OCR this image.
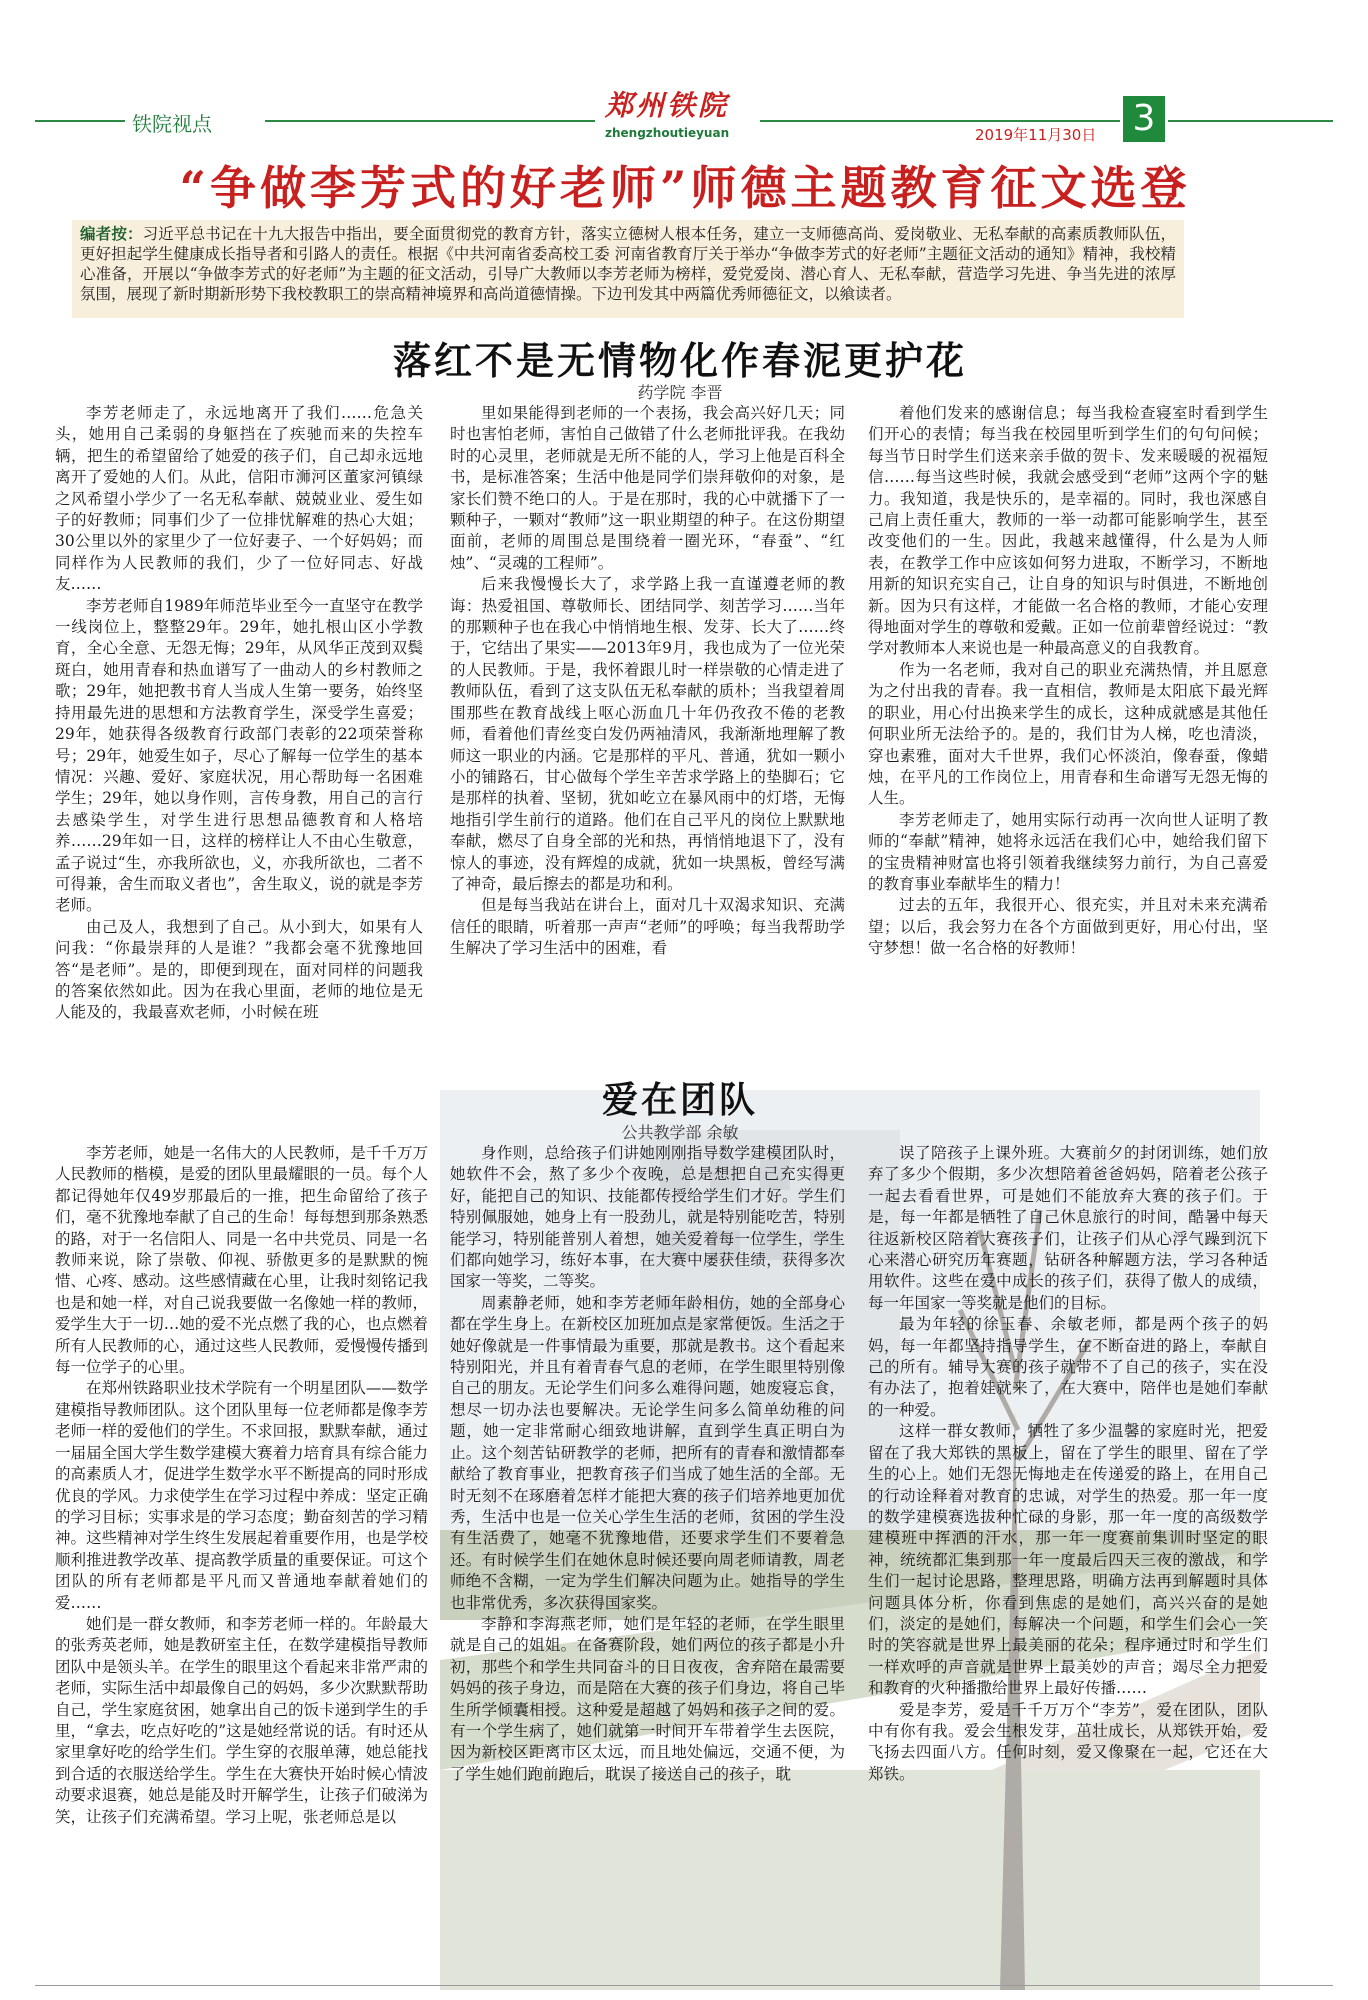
铁院视点
郑州铁院
zhengzhoutieyuan	2019年11月30日 3
“争做李芳式的好老师”师德主题教育征文选登
编者按：习近平总书记在十九大报告中指出，要全面贯彻党的教育方针，落实立德树人根本任务，建立一支师德高尚、爱岗敬业、无私奉献的高素质教师队伍，更好担起学生健康成长指导者和引路人的责任。根据《中共河南省委高校工委 河南省教育厅关于举办“争做李芳式的好老师”主题征文活动的通知》精神，我校精心准备，开展以“争做李芳式的好老师”为主题的征文活动，引导广大教师以李芳老师为榜样，爱党爱岗、潜心育人、无私奉献，营造学习先进、争当先进的浓厚氛围，展现了新时期新形势下我校教职工的崇高精神境界和高尚道德情操。下边刊发其中两篇优秀师德征文，以飨读者。
落红不是无情物化作春泥更护花
药学院 李晋

李芳老师走了，永远地离开了我们……危急关头，她用自己柔弱的身躯挡在了疾驰而来的失控车辆，把生的希望留给了她爱的孩子们，自己却永远地离开了爱她的人们。从此，信阳市浉河区董家河镇绿之风希望小学少了一名无私奉献、兢兢业业、爱生如子的好教师；同事们少了一位排忧解难的热心大姐；30公里以外的家里少了一位好妻子、一个好妈妈；而同样作为人民教师的我们，少了一位好同志、好战友……

李芳老师自1989年师范毕业至今一直坚守在教学一线岗位上，整整29年。29年，她扎根山区小学教育，全心全意、无怨无悔；29年，从风华正茂到双鬓斑白，她用青春和热血谱写了一曲动人的乡村教师之歌；29年，她把教书育人当成人生第一要务，始终坚持用最先进的思想和方法教育学生，深受学生喜爱；29年，她获得各级教育行政部门表彰的22项荣誉称号；29年，她爱生如子，尽心了解每一位学生的基本情况：兴趣、爱好、家庭状况，用心帮助每一名困难学生；29年，她以身作则，言传身教，用自己的言行去感染学生，对学生进行思想品德教育和人格培养……29年如一日，这样的榜样让人不由心生敬意，孟子说过“生，亦我所欲也，义，亦我所欲也，二者不可得兼，舍生而取义者也”，舍生取义，说的就是李芳老师。

由己及人，我想到了自己。从小到大，如果有人问我：“你最崇拜的人是谁？”我都会毫不犹豫地回答“是老师”。是的，即便到现在，面对同样的问题我的答案依然如此。因为在我心里面，老师的地位是无人能及的，我最喜欢老师，小时候在班

里如果能得到老师的一个表扬，我会高兴好几天；同时也害怕老师，害怕自己做错了什么老师批评我。在我幼时的心灵里，老师就是无所不能的人，学习上他是百科全书，是标准答案；生活中他是同学们崇拜敬仰的对象，是家长们赞不绝口的人。于是在那时，我的心中就播下了一颗种子，一颗对“教师”这一职业期望的种子。在这份期望面前，老师的周围总是围绕着一圈光环，“春蚕”、“红烛”、“灵魂的工程师”。

后来我慢慢长大了，求学路上我一直谨遵老师的教诲：热爱祖国、尊敬师长、团结同学、刻苦学习……当年的那颗种子也在我心中悄悄地生根、发芽、长大了……终于，它结出了果实——2013年9月，我也成为了一位光荣的人民教师。于是，我怀着跟儿时一样崇敬的心情走进了教师队伍，看到了这支队伍无私奉献的质朴；当我望着周围那些在教育战线上呕心沥血几十年仍孜孜不倦的老教师，看着他们青丝变白发仍两袖清风，我渐渐地理解了教师这一职业的内涵。它是那样的平凡、普通，犹如一颗小小的铺路石，甘心做每个学生辛苦求学路上的垫脚石；它是那样的执着、坚韧，犹如屹立在暴风雨中的灯塔，无悔地指引学生前行的道路。他们在自己平凡的岗位上默默地奉献，燃尽了自身全部的光和热，再悄悄地退下了，没有惊人的事迹，没有辉煌的成就，犹如一块黑板，曾经写满了神奇，最后擦去的都是功和利。

但是每当我站在讲台上，面对几十双渴求知识、充满信任的眼睛，听着那一声声“老师”的呼唤；每当我帮助学生解决了学习生活中的困难，看

着他们发来的感谢信息；每当我检查寝室时看到学生们开心的表情；每当我在校园里听到学生们的句句问候；每当节日时学生们送来亲手做的贺卡、发来暖暖的祝福短信……每当这些时候，我就会感受到“老师”这两个字的魅力。我知道，我是快乐的，是幸福的。同时，我也深感自己肩上责任重大，教师的一举一动都可能影响学生，甚至改变他们的一生。因此，我越来越懂得，什么是为人师表，在教学工作中应该如何努力进取，不断学习，不断地用新的知识充实自己，让自身的知识与时俱进，不断地创新。因为只有这样，才能做一名合格的教师，才能心安理得地面对学生的尊敬和爱戴。正如一位前辈曾经说过：“教学对教师本人来说也是一种最高意义的自我教育。

作为一名老师，我对自己的职业充满热情，并且愿意为之付出我的青春。我一直相信，教师是太阳底下最光辉的职业，用心付出换来学生的成长，这种成就感是其他任何职业所无法给予的。是的，我们甘为人梯，吃也清淡，穿也素雅，面对大千世界，我们心怀淡泊，像春蚕，像蜡烛，在平凡的工作岗位上，用青春和生命谱写无怨无悔的人生。

李芳老师走了，她用实际行动再一次向世人证明了教师的“奉献”精神，她将永远活在我们心中，她给我们留下的宝贵精神财富也将引领着我继续努力前行，为自己喜爱的教育事业奉献毕生的精力！

过去的五年，我很开心、很充实，并且对未来充满希望；以后，我会努力在各个方面做到更好，用心付出，坚守梦想！做一名合格的好教师！

爱在团队
公共教学部 余敏

李芳老师，她是一名伟大的人民教师，是千千万万人民教师的楷模，是爱的团队里最耀眼的一员。每个人都记得她年仅49岁那最后的一推，把生命留给了孩子们，毫不犹豫地奉献了自己的生命！每每想到那条熟悉的路，对于一名信阳人、同是一名中共党员、同是一名教师来说，除了崇敬、仰视、骄傲更多的是默默的惋惜、心疼、感动。这些感情藏在心里，让我时刻铭记我也是和她一样，对自己说我要做一名像她一样的教师，爱学生大于一切…她的爱不光点燃了我的心，也点燃着所有人民教师的心，通过这些人民教师，爱慢慢传播到每一位学子的心里。

在郑州铁路职业技术学院有一个明星团队——数学建模指导教师团队。这个团队里每一位老师都是像李芳老师一样的爱他们的学生。不求回报，默默奉献，通过一届届全国大学生数学建模大赛着力培育具有综合能力的高素质人才，促进学生数学水平不断提高的同时形成优良的学风。力求使学生在学习过程中养成：坚定正确的学习目标；实事求是的学习态度；勤奋刻苦的学习精神。这些精神对学生终生发展起着重要作用，也是学校顺利推进教学改革、提高教学质量的重要保证。可这个团队的所有老师都是平凡而又普通地奉献着她们的爱……

她们是一群女教师，和李芳老师一样的。年龄最大的张秀英老师，她是教研室主任，在数学建模指导教师团队中是领头羊。在学生的眼里这个看起来非常严肃的老师，实际生活中却最像自己的妈妈，多少次默默帮助自己，学生家庭贫困，她拿出自己的饭卡递到学生的手里，“拿去，吃点好吃的”这是她经常说的话。有时还从家里拿好吃的给学生们。学生穿的衣服单薄，她总能找到合适的衣服送给学生。学生在大赛快开始时候心情波动要求退赛，她总是能及时开解学生，让孩子们破涕为笑，让孩子们充满希望。学习上呢，张老师总是以

身作则，总给孩子们讲她刚刚指导数学建模团队时，她软件不会，熬了多少个夜晚，总是想把自己充实得更好，能把自己的知识、技能都传授给学生们才好。学生们特别佩服她，她身上有一股劲儿，就是特别能吃苦，特别能学习，特别能普别人着想，她关爱着每一位学生，学生们都向她学习，练好本事，在大赛中屡获佳绩，获得多次国家一等奖，二等奖。

周素静老师，她和李芳老师年龄相仿，她的全部身心都在学生身上。在新校区加班加点是家常便饭。生活之于她好像就是一件事情最为重要，那就是教书。这个看起来特别阳光，并且有着青春气息的老师，在学生眼里特别像自己的朋友。无论学生们问多么难得问题，她废寝忘食，想尽一切办法也要解决。无论学生问多么简单幼稚的问题，她一定非常耐心细致地讲解，直到学生真正明白为止。这个刻苦钻研教学的老师，把所有的青春和激情都奉献给了教育事业，把教育孩子们当成了她生活的全部。无时无刻不在琢磨着怎样才能把大赛的孩子们培养地更加优秀，生活中也是一位关心学生生活的老师，贫困的学生没有生活费了，她毫不犹豫地借，还要求学生们不要着急还。有时候学生们在她休息时候还要向周老师请教，周老师绝不含糊，一定为学生们解决问题为止。她指导的学生也非常优秀，多次获得国家奖。

李静和李海燕老师，她们是年轻的老师，在学生眼里就是自己的姐姐。在备赛阶段，她们两位的孩子都是小升初，那些个和学生共同奋斗的日日夜夜，舍弃陪在最需要妈妈的孩子身边，而是陪在大赛的孩子们身边，将自己毕生所学倾囊相授。这种爱是超越了妈妈和孩子之间的爱。有一个学生病了，她们就第一时间开车带着学生去医院，因为新校区距离市区太远，而且地处偏远，交通不便，为了学生她们跑前跑后，耽误了接送自己的孩子，耽

误了陪孩子上课外班。大赛前夕的封闭训练，她们放弃了多少个假期，多少次想陪着爸爸妈妈，陪着老公孩子一起去看看世界，可是她们不能放弃大赛的孩子们。于是，每一年都是牺牲了自己休息旅行的时间，酷暑中每天往返新校区陪着大赛孩子们，让孩子们从心浮气躁到沉下心来潜心研究历年赛题，钻研各种解题方法，学习各种适用软件。这些在爱中成长的孩子们，获得了傲人的成绩，每一年国家一等奖就是他们的目标。

最为年轻的徐玉春、余敏老师，都是两个孩子的妈妈，每一年都坚持指导学生，在不断奋进的路上，奉献自己的所有。辅导大赛的孩子就带不了自己的孩子，实在没有办法了，抱着娃就来了，在大赛中，陪伴也是她们奉献的一种爱。

这样一群女教师，牺牲了多少温馨的家庭时光，把爱留在了我大郑铁的黑板上，留在了学生的眼里、留在了学生的心上。她们无怨无悔地走在传递爱的路上，在用自己的行动诠释着对教育的忠诚，对学生的热爱。那一年一度的数学建模赛选拔种忙碌的身影，那一年一度的高级数学建模班中挥洒的汗水，那一年一度赛前集训时坚定的眼神，统统都汇集到那一年一度最后四天三夜的激战，和学生们一起讨论思路，整理思路，明确方法再到解题时具体问题具体分析，你看到焦虑的是她们，高兴兴奋的是她们，淡定的是她们，每解决一个问题，和学生们会心一笑时的笑容就是世界上最美丽的花朵；程序通过时和学生们一样欢呼的声音就是世界上最美妙的声音；竭尽全力把爱和教育的火种播撒给世界上最好传播……

爱是李芳，爱是千千万万个“李芳”，爱在团队，团队中有你有我。爱会生根发芽，茁壮成长，从郑铁开始，爱飞扬去四面八方。任何时刻，爱又像聚在一起，它还在大郑铁。
